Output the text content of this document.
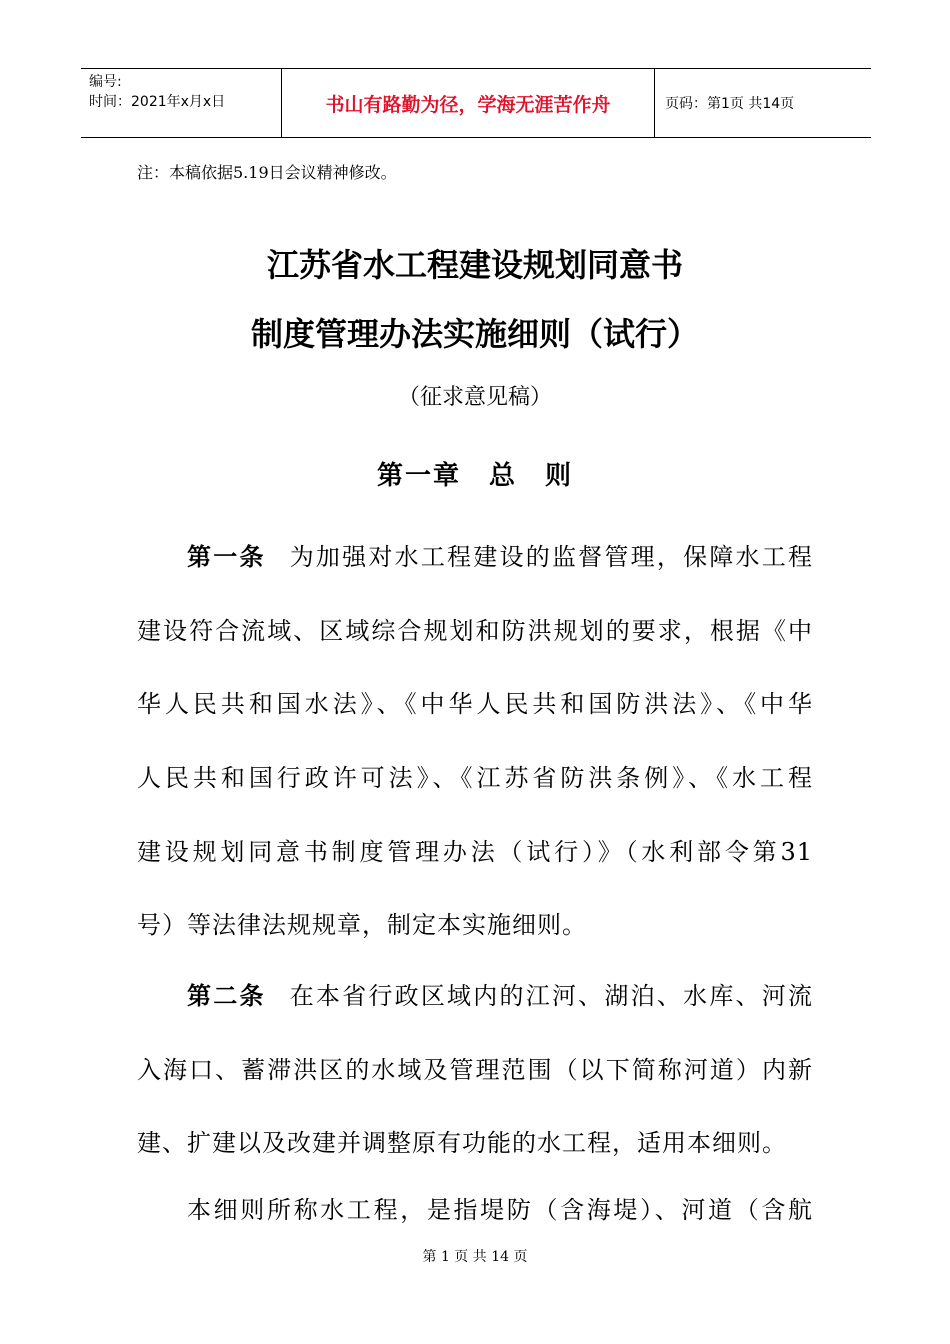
编号:
时间：2021年x月x日	书山有路勤为径，学海无涯苦作舟	页码：第1页 共14页
注：本稿依据5.19日会议精神修改。
江苏省水工程建设规划同意书
制度管理办法实施细则（试行）
（征求意见稿）
第一章　总　则
第一条 为加强对水工程建设的监督管理，保障水工程
建设符合流域、区域综合规划和防洪规划的要求，根据《中
华人民共和国水法》、《中华人民共和国防洪法》、《中华
人民共和国行政许可法》、《江苏省防洪条例》、《水工程
建设规划同意书制度管理办法（试行）》（水利部令第31
号）等法律法规规章，制定本实施细则。
第二条 在本省行政区域内的江河、湖泊、水库、河流
入海口、蓄滞洪区的水域及管理范围（以下简称河道）内新
建、扩建以及改建并调整原有功能的水工程，适用本细则。
本细则所称水工程，是指堤防（含海堤）、河道（含航
第 1 页 共 14 页
